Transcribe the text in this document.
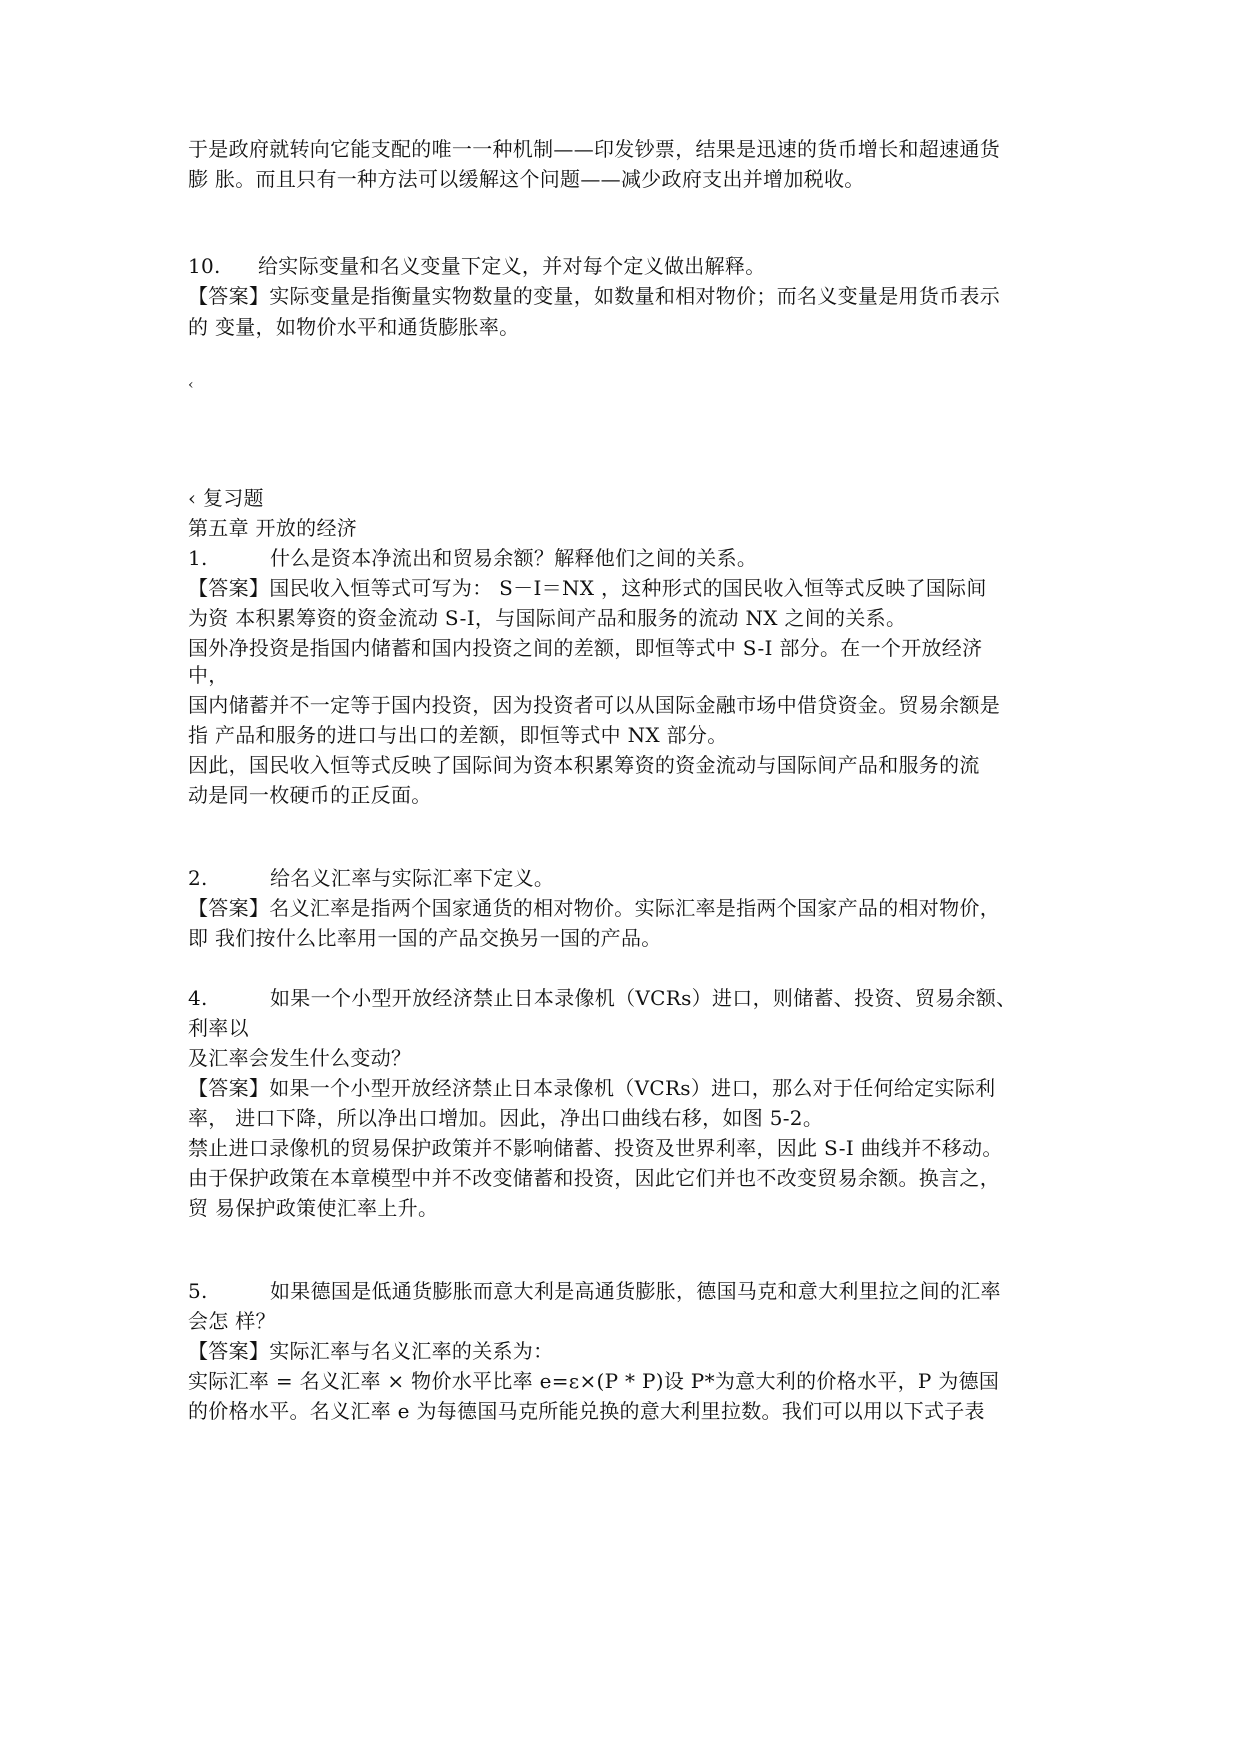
于是政府就转向它能支配的唯一一种机制——印发钞票，结果是迅速的货币增长和超速通货
膨 胀。而且只有一种方法可以缓解这个问题——减少政府支出并增加税收。
10. 给实际变量和名义变量下定义，并对每个定义做出解释。
【答案】实际变量是指衡量实物数量的变量，如数量和相对物价；而名义变量是用货币表示
的 变量，如物价水平和通货膨胀率。
‹
‹ 复习题
第五章 开放的经济
1.	什么是资本净流出和贸易余额？解释他们之间的关系。
【答案】国民收入恒等式可写为： S－I＝NX ，这种形式的国民收入恒等式反映了国际间
为资 本积累筹资的资金流动 S-I，与国际间产品和服务的流动 NX 之间的关系。
国外净投资是指国内储蓄和国内投资之间的差额，即恒等式中 S-I 部分。在一个开放经济
中，
国内储蓄并不一定等于国内投资，因为投资者可以从国际金融市场中借贷资金。贸易余额是
指 产品和服务的进口与出口的差额，即恒等式中 NX 部分。
因此，国民收入恒等式反映了国际间为资本积累筹资的资金流动与国际间产品和服务的流
动是同一枚硬币的正反面。
2.	给名义汇率与实际汇率下定义。
【答案】名义汇率是指两个国家通货的相对物价。实际汇率是指两个国家产品的相对物价，
即 我们按什么比率用一国的产品交换另一国的产品。
4.	如果一个小型开放经济禁止日本录像机（VCRs）进口，则储蓄、投资、贸易余额、
利率以
及汇率会发生什么变动？
【答案】如果一个小型开放经济禁止日本录像机（VCRs）进口，那么对于任何给定实际利
率， 进口下降，所以净出口增加。因此，净出口曲线右移，如图 5-2。
禁止进口录像机的贸易保护政策并不影响储蓄、投资及世界利率，因此 S-I 曲线并不移动。
由于保护政策在本章模型中并不改变储蓄和投资，因此它们并也不改变贸易余额。换言之，
贸 易保护政策使汇率上升。
5.	如果德国是低通货膨胀而意大利是高通货膨胀，德国马克和意大利里拉之间的汇率
会怎 样？
【答案】实际汇率与名义汇率的关系为：
实际汇率 = 名义汇率 × 物价水平比率 e=ε×(P * P)设 P*为意大利的价格水平，P 为德国
的价格水平。名义汇率 e 为每德国马克所能兑换的意大利里拉数。我们可以用以下式子表
